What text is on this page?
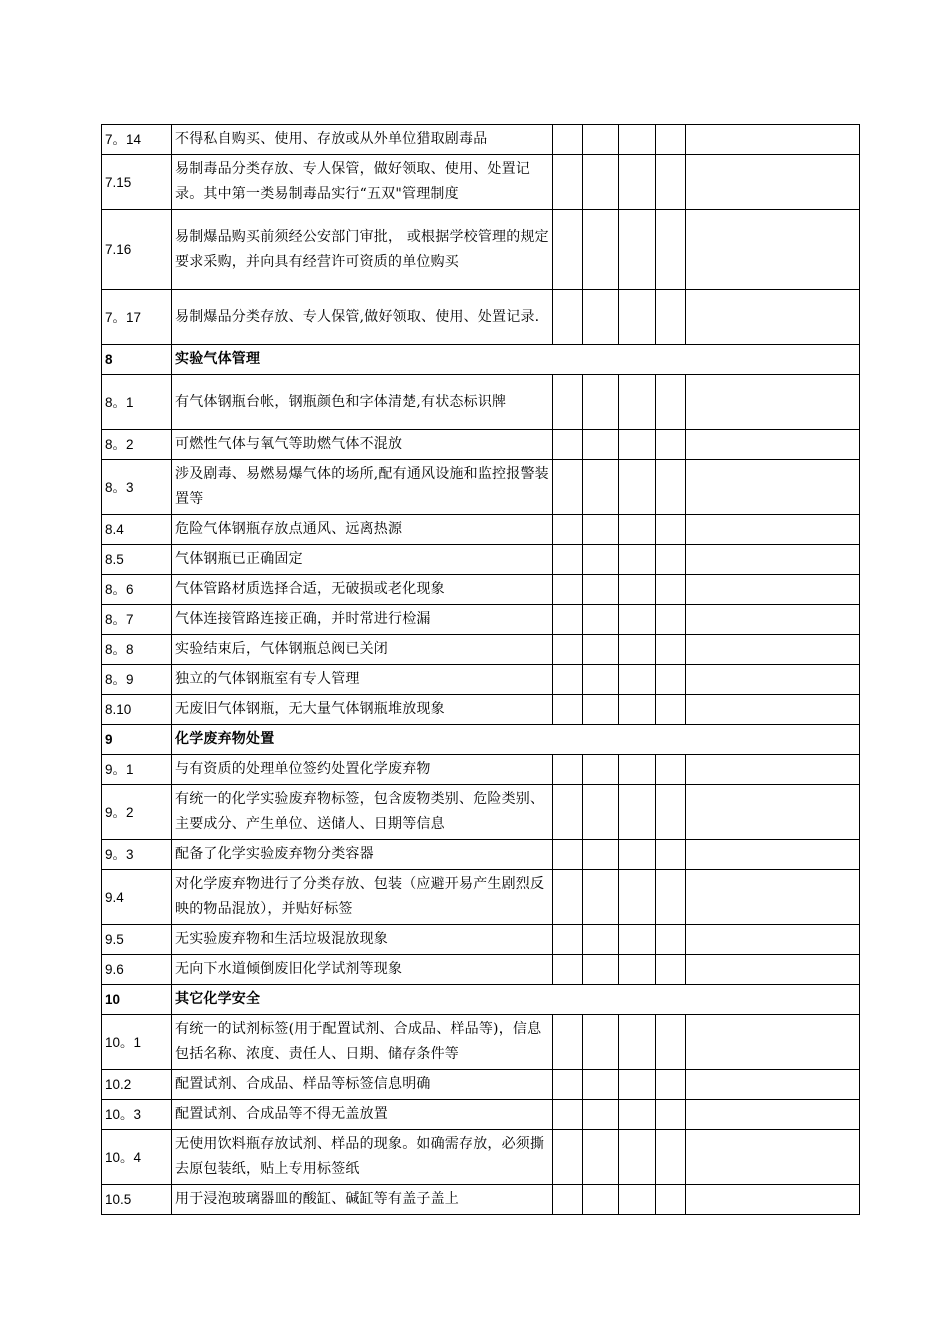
7。14	不得私自购买、使用、存放或从外单位猎取剧毒品					
7.15	易制毒品分类存放、专人保管，做好领取、使用、处置记录。其中第一类易制毒品实行“五双"管理制度					
7.16	易制爆品购买前须经公安部门审批， 或根据学校管理的规定要求采购，并向具有经营许可资质的单位购买					
7。17	易制爆品分类存放、专人保管,做好领取、使用、处置记录.					
8	实验气体管理					
8。1	有气体钢瓶台帐，钢瓶颜色和字体清楚,有状态标识牌					
8。2	可燃性气体与氧气等助燃气体不混放					
8。3	涉及剧毒、易燃易爆气体的场所,配有通风设施和监控报警装置等					
8.4	危险气体钢瓶存放点通风、远离热源					
8.5	气体钢瓶已正确固定					
8。6	气体管路材质选择合适，无破损或老化现象					
8。7	气体连接管路连接正确，并时常进行检漏					
8。8	实验结束后，气体钢瓶总阀已关闭					
8。9	独立的气体钢瓶室有专人管理					
8.10	无废旧气体钢瓶，无大量气体钢瓶堆放现象					
9	化学废弃物处置					
9。1	与有资质的处理单位签约处置化学废弃物					
9。2	有统一的化学实验废弃物标签，包含废物类别、危险类别、主要成分、产生单位、送储人、日期等信息					
9。3	配备了化学实验废弃物分类容器					
9.4	对化学废弃物进行了分类存放、包装（应避开易产生剧烈反映的物品混放），并贴好标签					
9.5	无实验废弃物和生活垃圾混放现象					
9.6	无向下水道倾倒废旧化学试剂等现象					
10	其它化学安全					
10。1	有统一的试剂标签(用于配置试剂、合成品、样品等)，信息包括名称、浓度、责任人、日期、储存条件等					
10.2	配置试剂、合成品、样品等标签信息明确					
10。3	配置试剂、合成品等不得无盖放置					
10。4	无使用饮料瓶存放试剂、样品的现象。如确需存放，必须撕去原包装纸，贴上专用标签纸					
10.5	用于浸泡玻璃器皿的酸缸、碱缸等有盖子盖上					
